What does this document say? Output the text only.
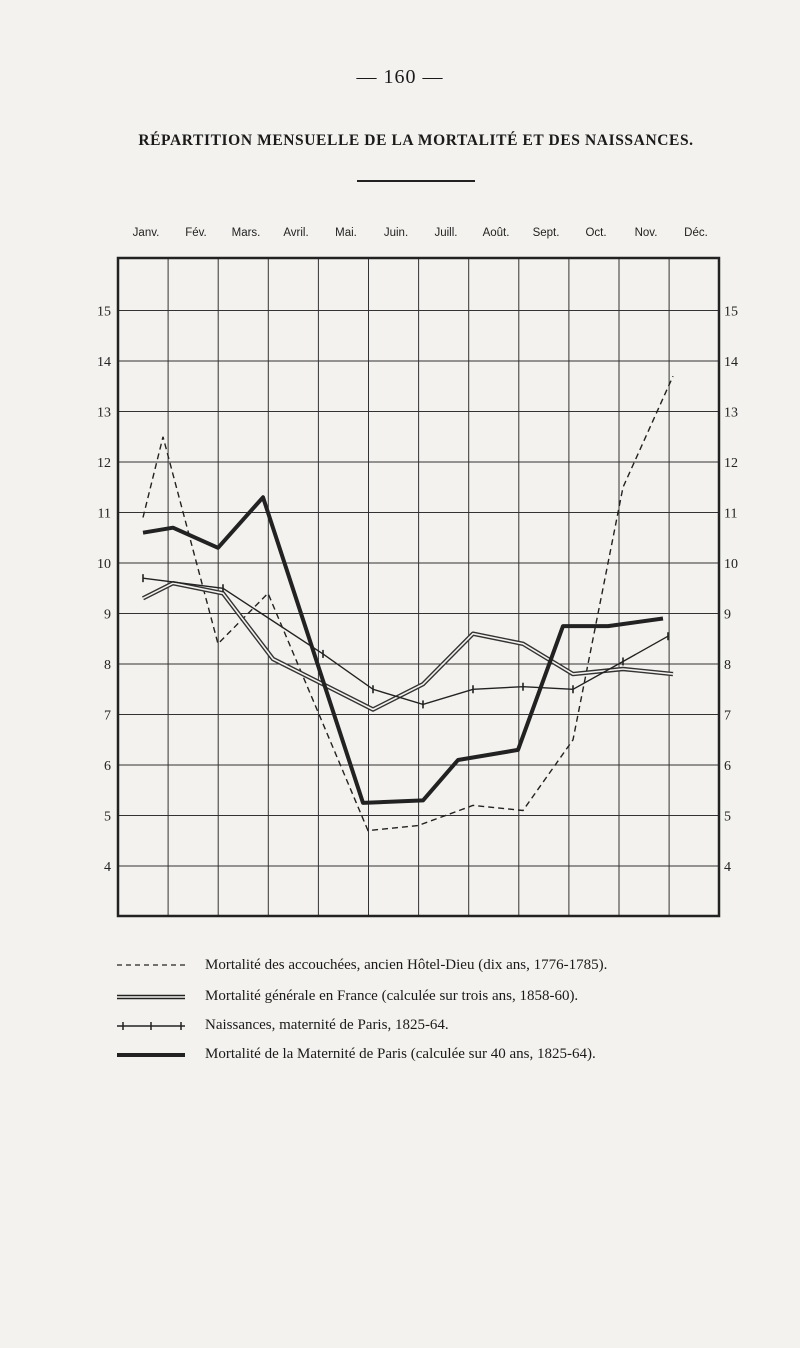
— 160 —
RÉPARTITION MENSUELLE DE LA MORTALITÉ ET DES NAISSANCES.
Janv. Fév. Mars. Avril. Mai. Juin. Juill. Août. Sept. Oct. Nov. Déc.
4
5
6
7
8
9
10
11
12
13
14
15
4
5
6
7
8
9
10
11
12
13
14
15
Mortalité des accouchées, ancien Hôtel-Dieu (dix ans, 1776-1785).
Mortalité générale en France (calculée sur trois ans, 1858-60).
Naissances, maternité de Paris, 1825-64.
Mortalité de la Maternité de Paris (calculée sur 40 ans, 1825-64).
